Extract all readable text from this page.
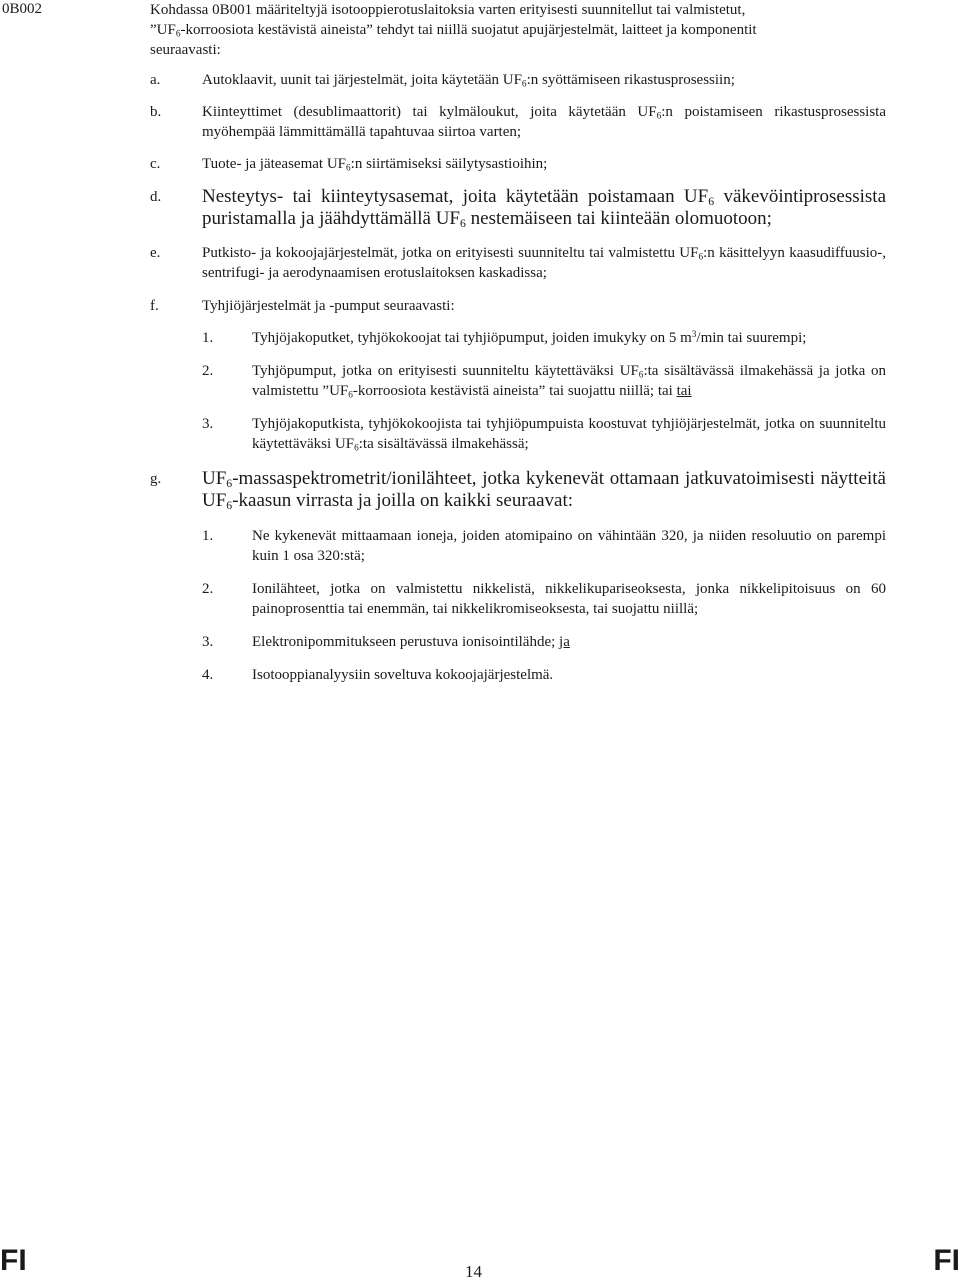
0B002	Kohdassa 0B001 määriteltyjä isotooppierotuslaitoksia varten erityisesti suunnitellut tai valmistetut,
$”UF_6$-korroosiota kestävistä aineista” tehdyt tai niillä suojatut apujärjestelmät, laitteet ja komponentit
seuraavasti:

a.	Autoklaavit, uunit tai järjestelmät, joita käytetään $UF_6:n$ syöttämiseen rikastusprosessiin;
b.	Kiinteyttimet (desublimaattorit) tai kylmäloukut, joita käytetään $UF_6:n$ poistamiseen rikastusprosessista myöhempää lämmittämällä tapahtuvaa siirtoa varten;
c.	Tuote- ja jäteasemat $UF_6:n$ siirtämiseksi säilytysastioihin;
d.	Nesteytys- tai kiinteytysasemat, joita käytetään poistamaan $UF_6$ väkevöintiprosessista puristamalla ja jäähdyttämällä $UF_6$ nestemäiseen tai kiinteään olomuotoon;
e.	Putkisto- ja kokoojajärjestelmät, jotka on erityisesti suunniteltu tai valmistettu $UF_6:n$ käsittelyyn kaasudiffuusio-, sentrifugi- ja aerodynaamisen erotuslaitoksen kaskadissa;
f.	Tyhjiöjärjestelmät ja -pumput seuraavasti:
1.	Tyhjöjakoputket, tyhjökokoojat tai tyhjiöpumput, joiden imukyky on 5 $m^3/\min$ tai suurempi;
2.	Tyhjöpumput, jotka on erityisesti suunniteltu käytettäväksi $UF_6:ta$ sisältävässä ilmakehässä ja jotka on valmistettu $”UF_6$-korroosiota kestävistä aineista” tai suojattu niillä; tai tai
3.	Tyhjöjakoputkista, tyhjökokoojista tai tyhjiöpumpuista koostuvat tyhjiöjärjestelmät, jotka on suunniteltu käytettäväksi $UF_6:ta$ sisältävässä ilmakehässä;
g.	$UF_6-massaspektrometrit$/ionilähteet, jotka kykenevät ottamaan jatkuvatoimisesti näytteitä $UF_6$-kaasun virrasta ja joilla on kaikki seuraavat:
1.	Ne kykenevät mittaamaan ioneja, joiden atomipaino on vähintään 320, ja niiden resoluutio on parempi kuin 1 osa 320:stä;
2.	Ionilähteet, jotka on valmistettu nikkelistä, nikkelikupariseoksesta, jonka nikkelipitoisuus on 60 painoprosenttia tai enemmän, tai nikkelikromiseoksesta, tai suojattu niillä;
3.	Elektronipommitukseen perustuva ionisointilähde; ja
4.	Isotooppianalyysiin soveltuva kokoojajärjestelmä.
FI	14	FI
